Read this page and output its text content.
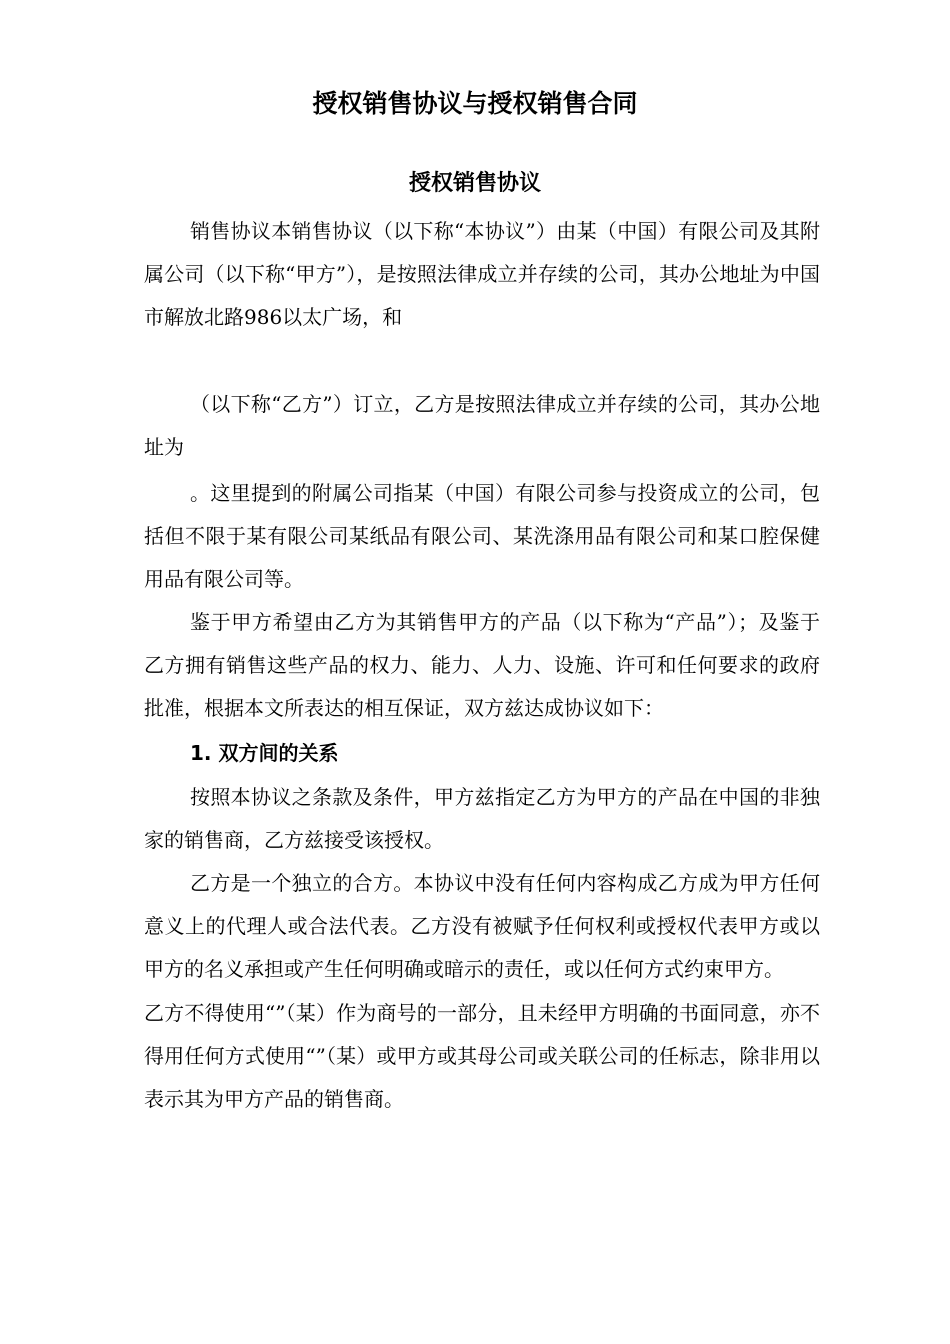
授权销售协议与授权销售合同
授权销售协议

销售协议本销售协议（以下称“本协议”）由某（中国）有限公司及其附属公司（以下称“甲方”），是按照法律成立并存续的公司，其办公地址为中国市解放北路986以太广场，和

（以下称“乙方”）订立，乙方是按照法律成立并存续的公司，其办公地址为

。这里提到的附属公司指某（中国）有限公司参与投资成立的公司，包括但不限于某有限公司某纸品有限公司、某洗涤用品有限公司和某口腔保健用品有限公司等。

鉴于甲方希望由乙方为其销售甲方的产品（以下称为“产品”）；及鉴于乙方拥有销售这些产品的权力、能力、人力、设施、许可和任何要求的政府批准，根据本文所表达的相互保证，双方兹达成协议如下：

1. 双方间的关系

按照本协议之条款及条件，甲方兹指定乙方为甲方的产品在中国的非独家的销售商，乙方兹接受该授权。

乙方是一个独立的合方。本协议中没有任何内容构成乙方成为甲方任何意义上的代理人或合法代表。乙方没有被赋予任何权利或授权代表甲方或以甲方的名义承担或产生任何明确或暗示的责任，或以任何方式约束甲方。

乙方不得使用“”（某）作为商号的一部分，且未经甲方明确的书面同意，亦不得用任何方式使用“”（某）或甲方或其母公司或关联公司的任标志，除非用以表示其为甲方产品的销售商。
